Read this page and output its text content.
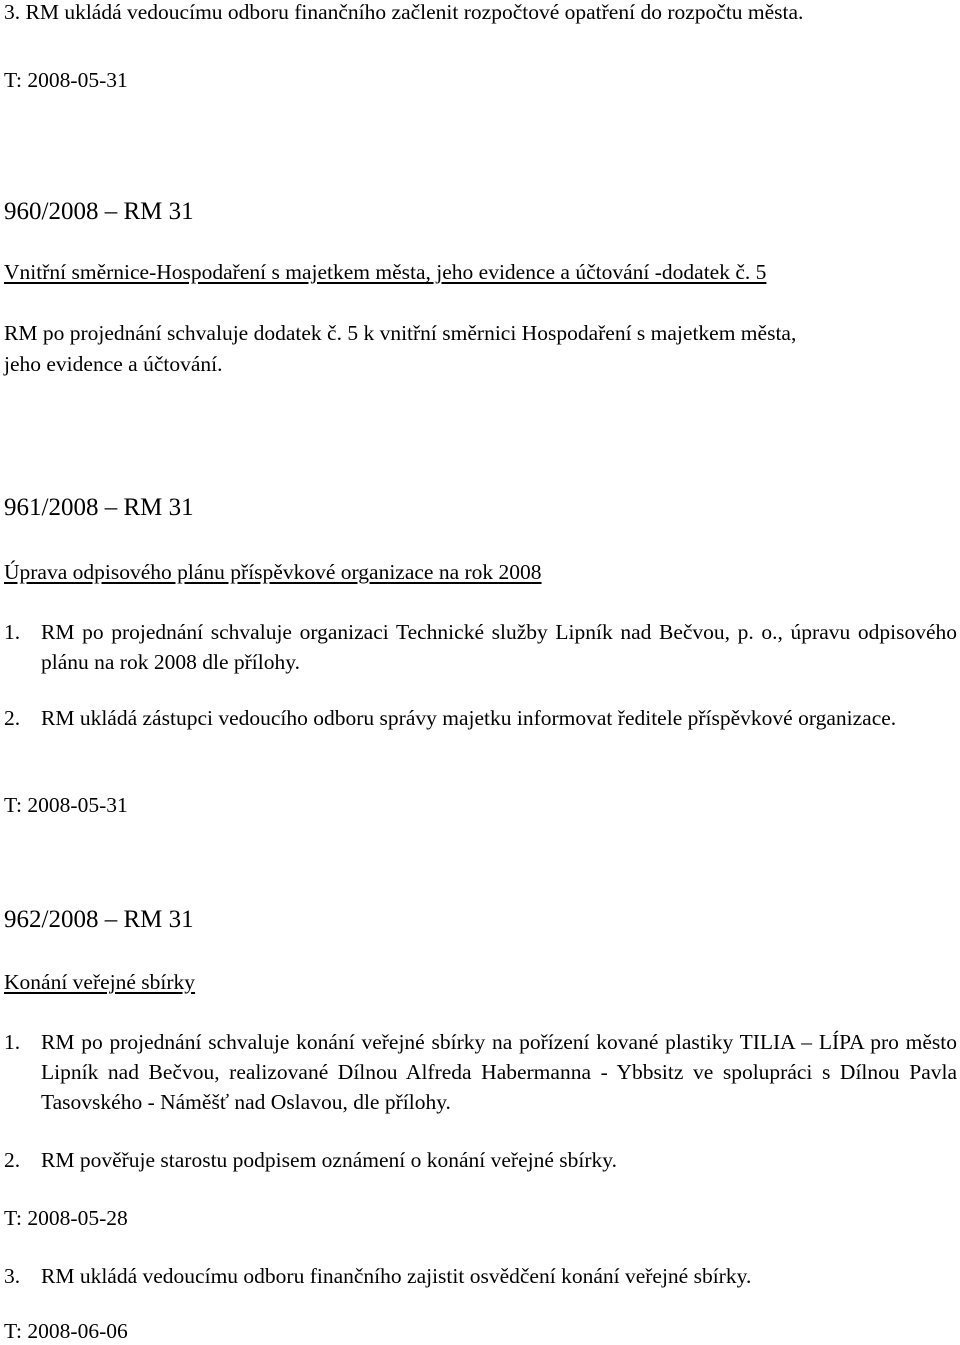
3. RM ukládá vedoucímu odboru finančního začlenit rozpočtové opatření do rozpočtu města.

T: 2008-05-31

960/2008 – RM 31

Vnitřní směrnice-Hospodaření s majetkem města, jeho evidence a účtování -dodatek č. 5

RM po projednání schvaluje dodatek č. 5 k vnitřní směrnici Hospodaření s majetkem města,

jeho evidence a účtování.

961/2008 – RM 31

Úprava odpisového plánu příspěvkové organizace na rok 2008

1. RM po projednání schvaluje organizaci Technické služby Lipník nad Bečvou, p. o., úpravu odpisového plánu na rok 2008 dle přílohy.
2. RM ukládá zástupci vedoucího odboru správy majetku informovat ředitele příspěvkové organizace.

T: 2008-05-31

962/2008 – RM 31

Konání veřejné sbírky

1. RM po projednání schvaluje konání veřejné sbírky na pořízení kované plastiky TILIA – LÍPA pro město Lipník nad Bečvou, realizované Dílnou Alfreda Habermanna - Ybbsitz ve spolupráci s Dílnou Pavla Tasovského - Náměšť nad Oslavou, dle přílohy.
2. RM pověřuje starostu podpisem oznámení o konání veřejné sbírky.

T: 2008-05-28

3. RM ukládá vedoucímu odboru finančního zajistit osvědčení konání veřejné sbírky.

T: 2008-06-06
